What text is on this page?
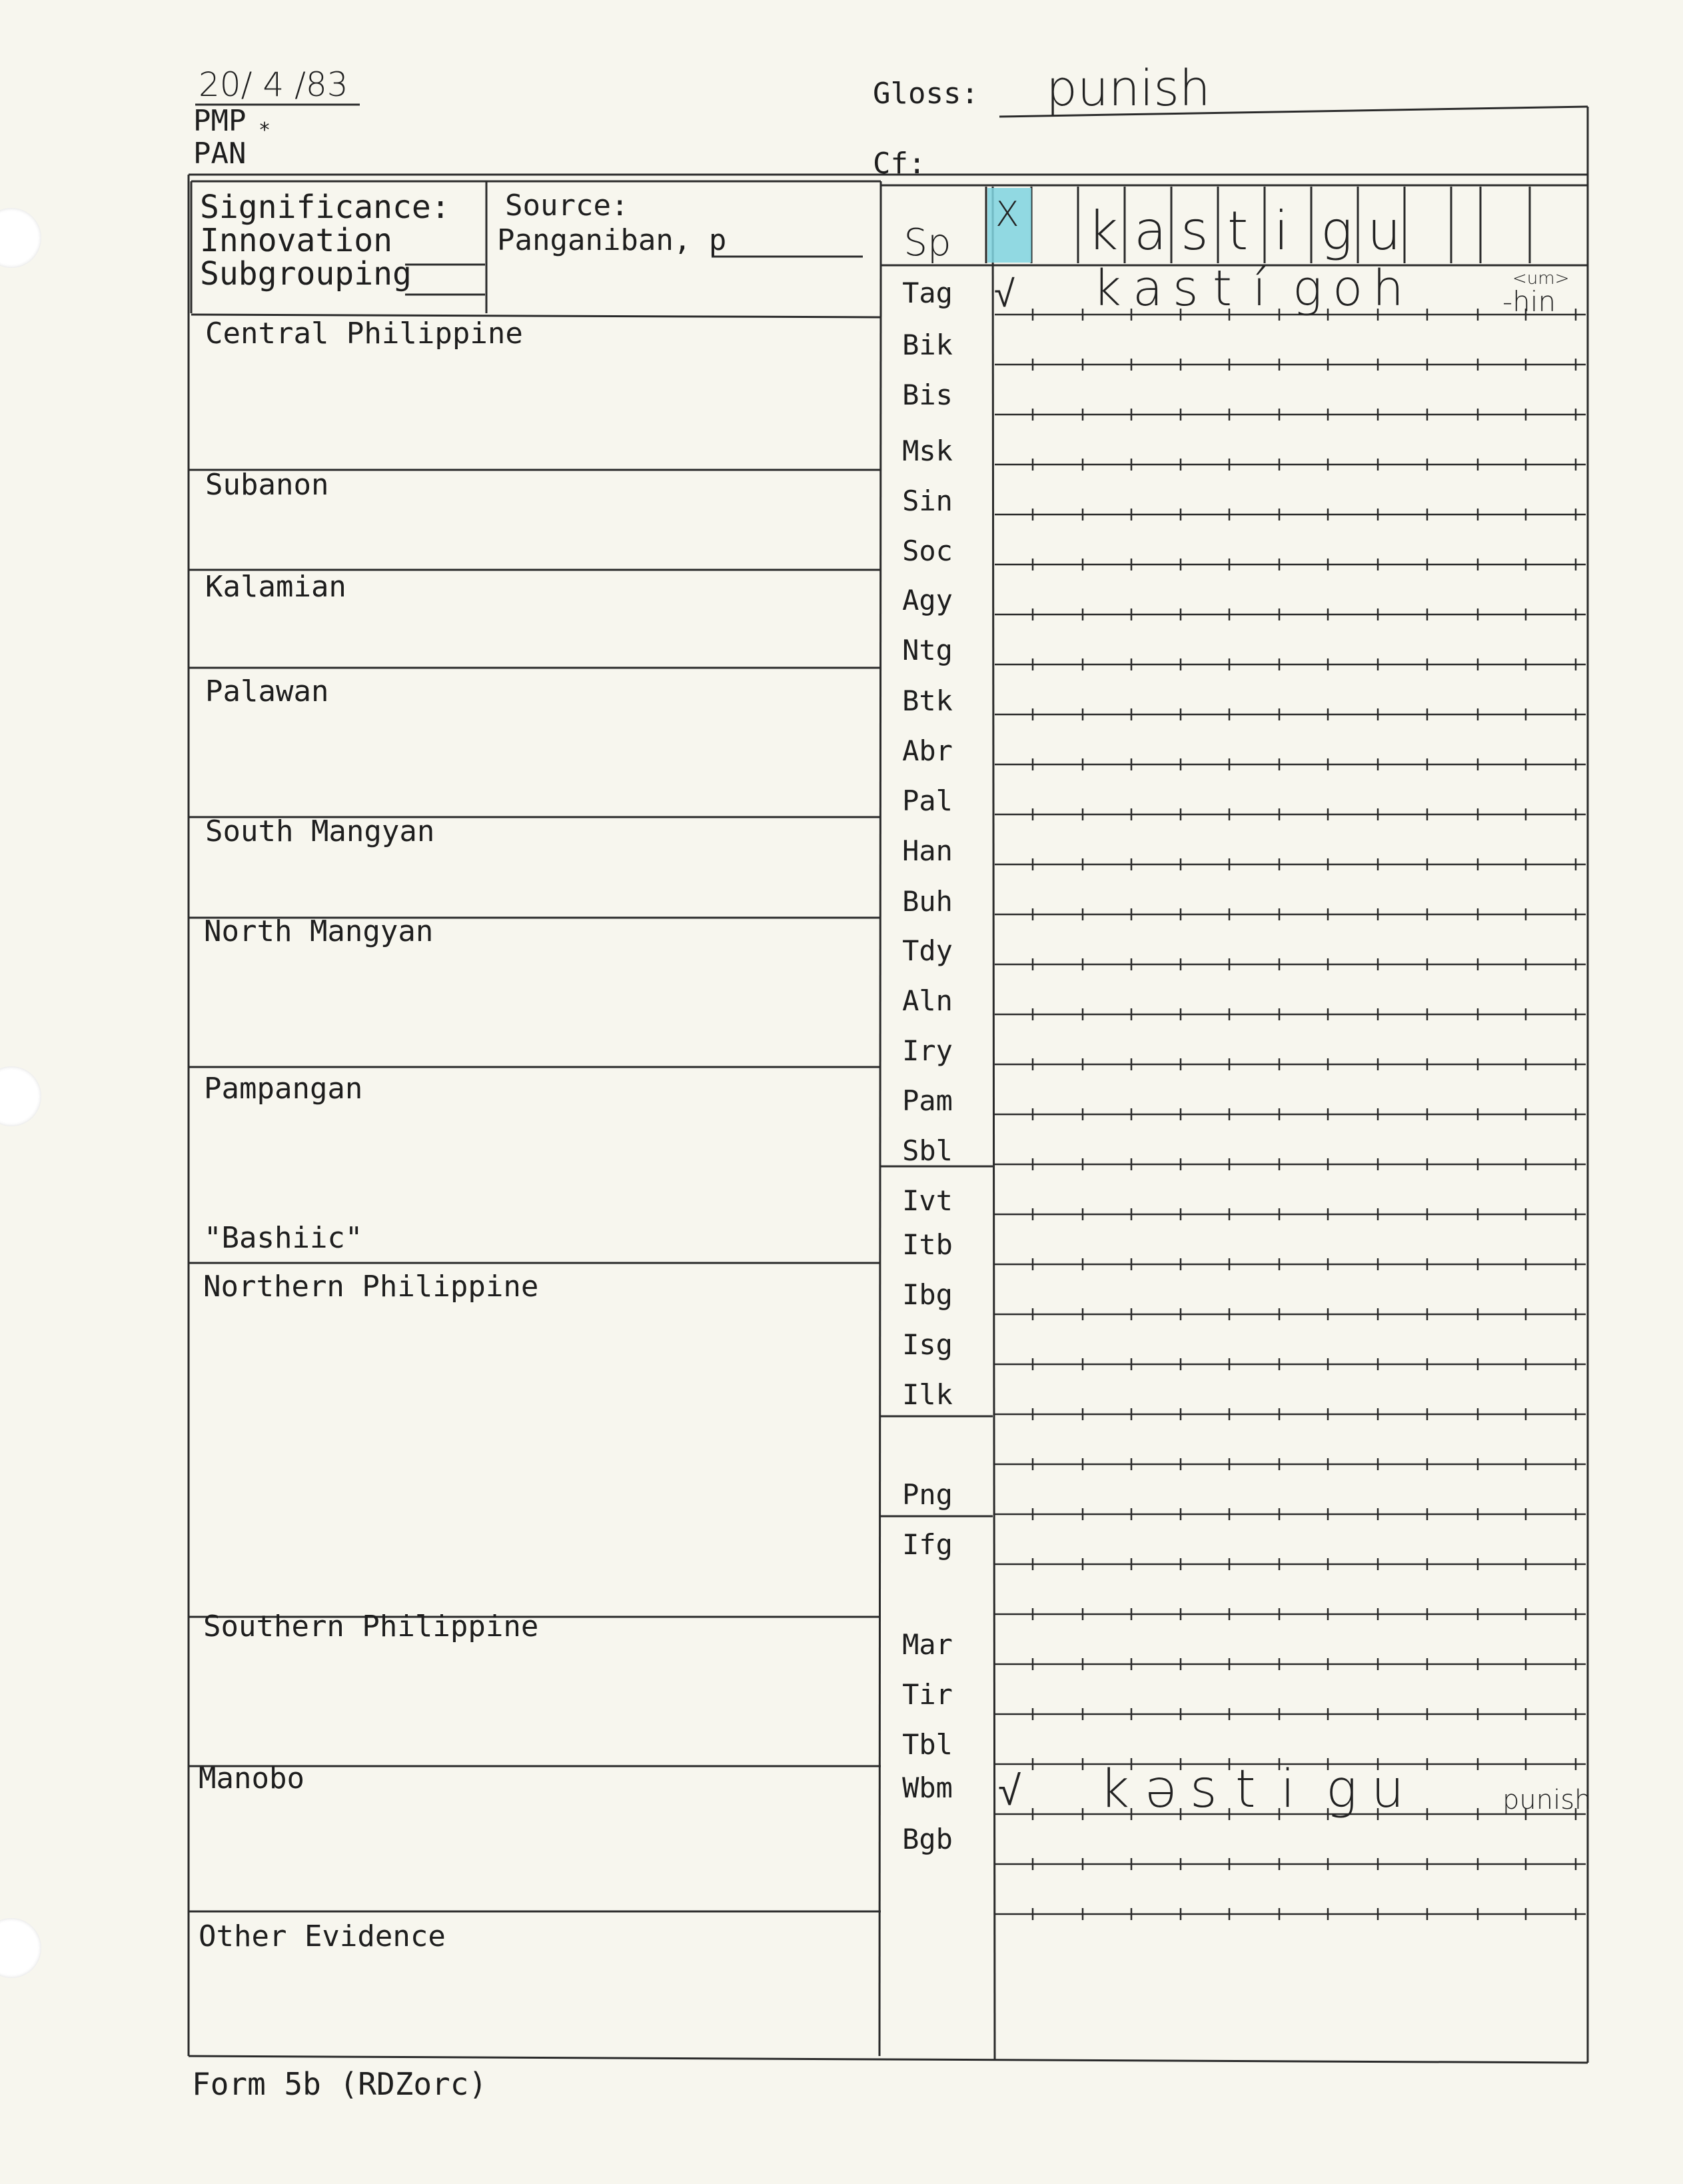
20/ 4 /83
PMP *
PAN
Gloss: punish
Cf:
Significance:
Innovation
Subgrouping
Source:
Panganiban, p
X k a s t i g u
Central Philippine
Subanon
Kalamian
Palawan
South Mangyan
North Mangyan
Pampangan
"Bashiic"
Northern Philippine
Southern Philippine
Manobo
Other Evidence
Sp
Tag
Bik
Bis
Msk
Sin
Soc
Agy
Ntg
Btk
Abr
Pal
Han
Buh
Tdy
Aln
Iry
Pam
Sbl
Ivt
Itb
Ibg
Isg
Ilk
Png
Ifg
Mar
Tir
Tbl
Wbm
Bgb
√ k a s t í g o h	<um>
-hin
√ k ə s t i g u	punish
Form 5b (RDZorc)
